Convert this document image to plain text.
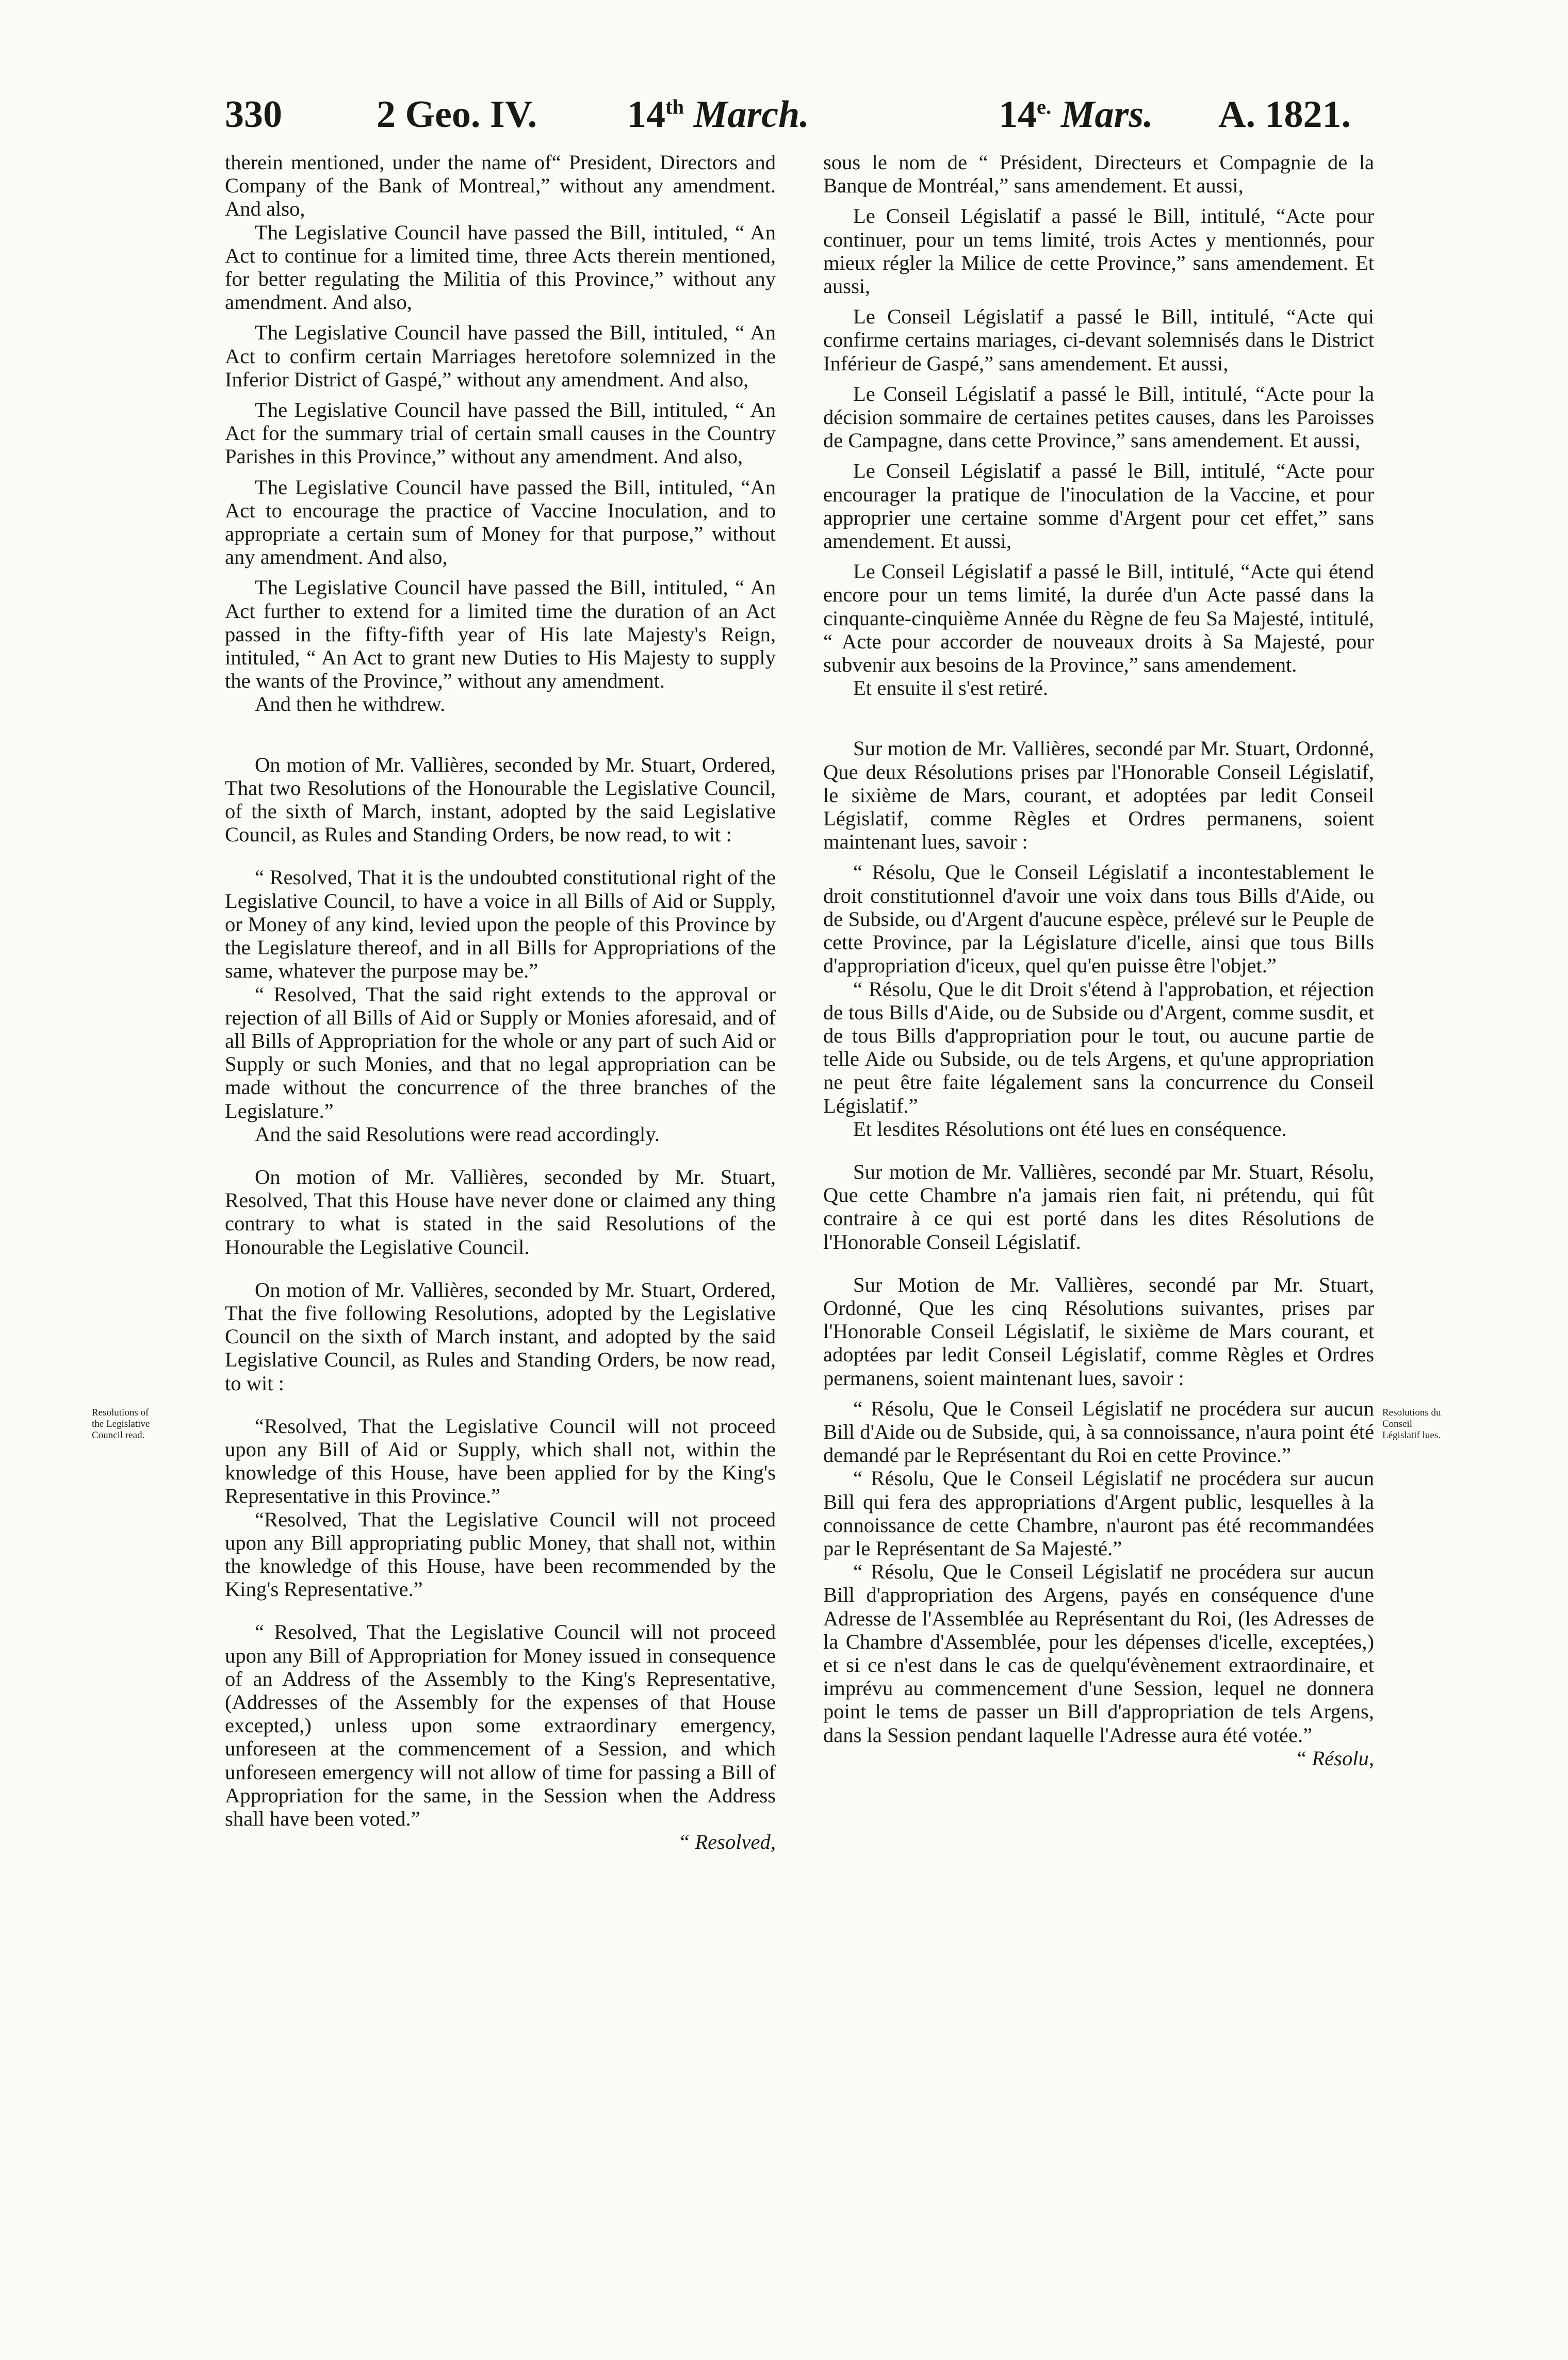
330 2 Geo. IV. 14th March.	$14^{e.}$ Mars. A. 1821.
Resolutions of the Legislative Council read.
Resolutions du Conseil Législatif lues.

therein mentioned, under the name of“ President, Directors and Company of the Bank of Montreal,” without any amendment. And also,

The Legislative Council have passed the Bill, intituled, “ An Act to continue for a limited time, three Acts therein mentioned, for better regulating the Militia of this Province,” without any amendment. And also,

The Legislative Council have passed the Bill, intituled, “ An Act to confirm certain Marriages heretofore solemnized in the Inferior District of Gaspé,” without any amendment. And also,

The Legislative Council have passed the Bill, intituled, “ An Act for the summary trial of certain small causes in the Country Parishes in this Province,” without any amendment. And also,

The Legislative Council have passed the Bill, intituled, “An Act to encourage the practice of Vaccine Inoculation, and to appropriate a certain sum of Money for that purpose,” without any amendment. And also,

The Legislative Council have passed the Bill, intituled, “ An Act further to extend for a limited time the duration of an Act passed in the fifty-fifth year of His late Majesty's Reign, intituled, “ An Act to grant new Duties to His Majesty to supply the wants of the Province,” without any amendment.

And then he withdrew.

On motion of Mr. Vallières, seconded by Mr. Stuart, Ordered, That two Resolutions of the Honourable the Legislative Council, of the sixth of March, instant, adopted by the said Legislative Council, as Rules and Standing Orders, be now read, to wit :

“ Resolved, That it is the undoubted constitutional right of the Legislative Council, to have a voice in all Bills of Aid or Supply, or Money of any kind, levied upon the people of this Province by the Legislature thereof, and in all Bills for Appropriations of the same, whatever the purpose may be.”

“ Resolved, That the said right extends to the approval or rejection of all Bills of Aid or Supply or Monies aforesaid, and of all Bills of Appropriation for the whole or any part of such Aid or Supply or such Monies, and that no legal appropriation can be made without the concurrence of the three branches of the Legislature.”

And the said Resolutions were read accordingly.

On motion of Mr. Vallières, seconded by Mr. Stuart, Resolved, That this House have never done or claimed any thing contrary to what is stated in the said Resolutions of the Honourable the Legislative Council.

On motion of Mr. Vallières, seconded by Mr. Stuart, Ordered, That the five following Resolutions, adopted by the Legislative Council on the sixth of March instant, and adopted by the said Legislative Council, as Rules and Standing Orders, be now read, to wit :

“Resolved, That the Legislative Council will not proceed upon any Bill of Aid or Supply, which shall not, within the knowledge of this House, have been applied for by the King's Representative in this Province.”

“Resolved, That the Legislative Council will not proceed upon any Bill appropriating public Money, that shall not, within the knowledge of this House, have been recommended by the King's Representative.”

“ Resolved, That the Legislative Council will not proceed upon any Bill of Appropriation for Money issued in consequence of an Address of the Assembly to the King's Representative, (Addresses of the Assembly for the expenses of that House excepted,) unless upon some extraordinary emergency, unforeseen at the commencement of a Session, and which unforeseen emergency will not allow of time for passing a Bill of Appropriation for the same, in the Session when the Address shall have been voted.”

“ Resolved,

sous le nom de “ Président, Directeurs et Compagnie de la Banque de Montréal,” sans amendement. Et aussi,

Le Conseil Législatif a passé le Bill, intitulé, “Acte pour continuer, pour un tems limité, trois Actes y mentionnés, pour mieux régler la Milice de cette Province,” sans amendement. Et aussi,

Le Conseil Législatif a passé le Bill, intitulé, “Acte qui confirme certains mariages, ci-devant solemnisés dans le District Inférieur de Gaspé,” sans amendement. Et aussi,

Le Conseil Législatif a passé le Bill, intitulé, “Acte pour la décision sommaire de certaines petites causes, dans les Paroisses de Campagne, dans cette Province,” sans amendement. Et aussi,

Le Conseil Législatif a passé le Bill, intitulé, “Acte pour encourager la pratique de l'inoculation de la Vaccine, et pour approprier une certaine somme d'Argent pour cet effet,” sans amendement. Et aussi,

Le Conseil Législatif a passé le Bill, intitulé, “Acte qui étend encore pour un tems limité, la durée d'un Acte passé dans la cinquante-cinquième Année du Règne de feu Sa Majesté, intitulé, “ Acte pour accorder de nouveaux droits à Sa Majesté, pour subvenir aux besoins de la Province,” sans amendement.

Et ensuite il s'est retiré.

Sur motion de Mr. Vallières, secondé par Mr. Stuart, Ordonné, Que deux Résolutions prises par l'Honorable Conseil Législatif, le sixième de Mars, courant, et adoptées par ledit Conseil Législatif, comme Règles et Ordres permanens, soient maintenant lues, savoir :

“ Résolu, Que le Conseil Législatif a incontestablement le droit constitutionnel d'avoir une voix dans tous Bills d'Aide, ou de Subside, ou d'Argent d'aucune espèce, prélevé sur le Peuple de cette Province, par la Législature d'icelle, ainsi que tous Bills d'appropriation d'iceux, quel qu'en puisse être l'objet.”

“ Résolu, Que le dit Droit s'étend à l'approbation, et réjection de tous Bills d'Aide, ou de Subside ou d'Argent, comme susdit, et de tous Bills d'appropriation pour le tout, ou aucune partie de telle Aide ou Subside, ou de tels Argens, et qu'une appropriation ne peut être faite légalement sans la concurrence du Conseil Législatif.”

Et lesdites Résolutions ont été lues en conséquence.

Sur motion de Mr. Vallières, secondé par Mr. Stuart, Résolu, Que cette Chambre n'a jamais rien fait, ni prétendu, qui fût contraire à ce qui est porté dans les dites Résolutions de l'Honorable Conseil Législatif.

Sur Motion de Mr. Vallières, secondé par Mr. Stuart, Ordonné, Que les cinq Résolutions suivantes, prises par l'Honorable Conseil Législatif, le sixième de Mars courant, et adoptées par ledit Conseil Législatif, comme Règles et Ordres permanens, soient maintenant lues, savoir :

“ Résolu, Que le Conseil Législatif ne procédera sur aucun Bill d'Aide ou de Subside, qui, à sa connoissance, n'aura point été demandé par le Représentant du Roi en cette Province.”

“ Résolu, Que le Conseil Législatif ne procédera sur aucun Bill qui fera des appropriations d'Argent public, lesquelles à la connoissance de cette Chambre, n'auront pas été recommandées par le Représentant de Sa Majesté.”

“ Résolu, Que le Conseil Législatif ne procédera sur aucun Bill d'appropriation des Argens, payés en conséquence d'une Adresse de l'Assemblée au Représentant du Roi, (les Adresses de la Chambre d'Assemblée, pour les dépenses d'icelle, exceptées,) et si ce n'est dans le cas de quelqu'évènement extraordinaire, et imprévu au commencement d'une Session, lequel ne donnera point le tems de passer un Bill d'appropriation de tels Argens, dans la Session pendant laquelle l'Adresse aura été votée.”

“ Résolu,
